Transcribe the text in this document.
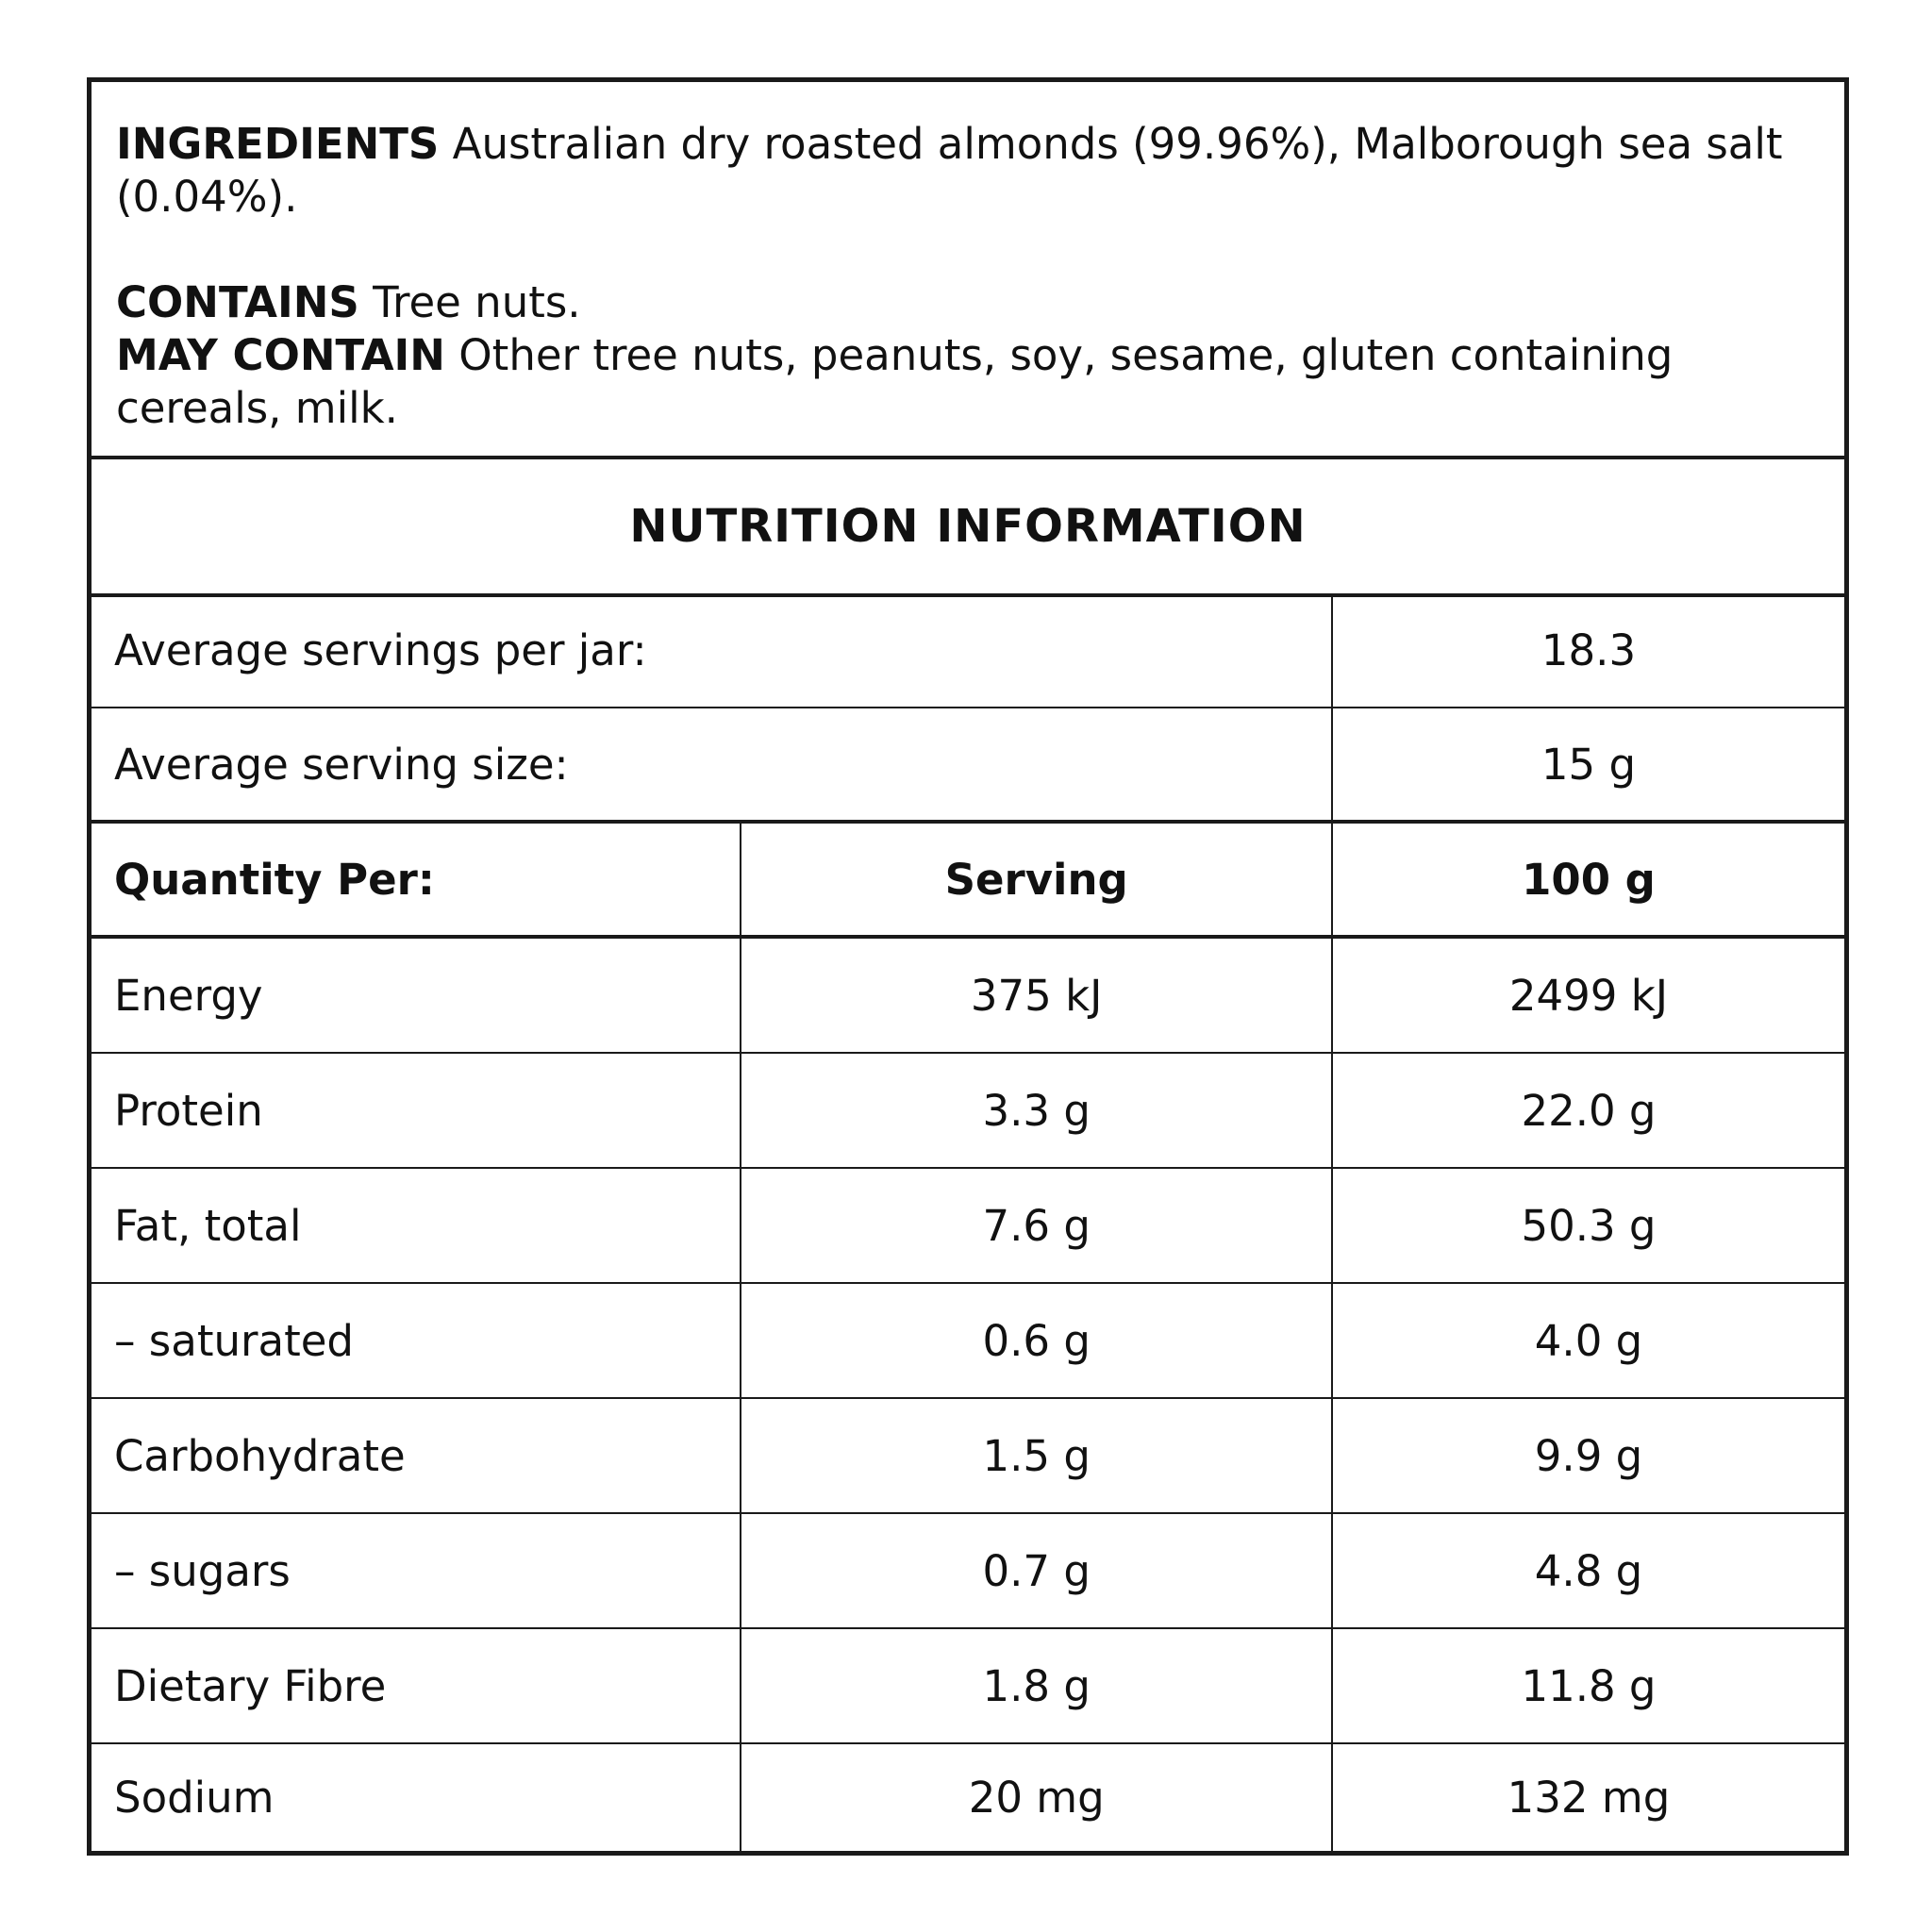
INGREDIENTS Australian dry roasted almonds (99.96%), Malborough sea salt (0.04%).

CONTAINS Tree nuts.
MAY CONTAIN Other tree nuts, peanuts, soy, sesame, gluten containing cereals, milk.

NUTRITION INFORMATION
Average servings per jar:	18.3
Average serving size:	15 g
Quantity Per:	Serving	100 g
Energy	375 kJ	2499 kJ
Protein	3.3 g	22.0 g
Fat, total	7.6 g	50.3 g
– saturated	0.6 g	4.0 g
Carbohydrate	1.5 g	9.9 g
– sugars	0.7 g	4.8 g
Dietary Fibre	1.8 g	11.8 g
Sodium	20 mg	132 mg
